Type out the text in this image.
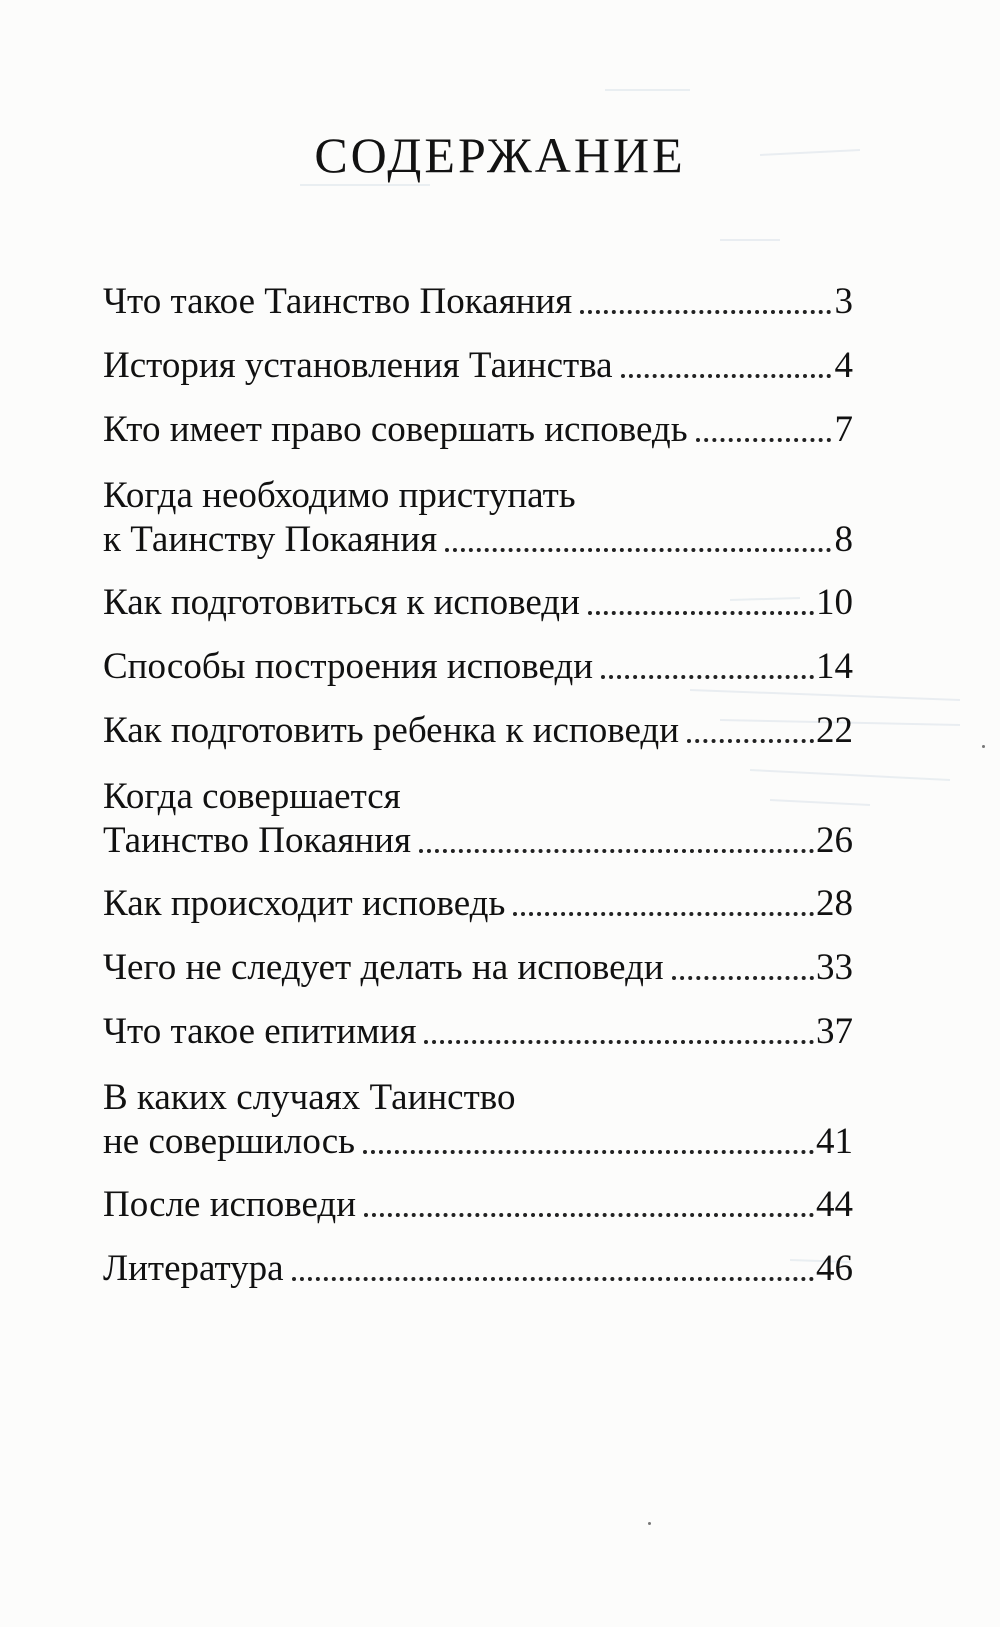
СОДЕРЖАНИЕ
Что такое Таинство Покаяния	3
История установления Таинства	4
Кто имеет право совершать исповедь	7
Когда необходимо приступать
к Таинству Покаяния	8
Как подготовиться к исповеди	10
Способы построения исповеди	14
Как подготовить ребенка к исповеди	22
Когда совершается
Таинство Покаяния	26
Как происходит исповедь	28
Чего не следует делать на исповеди	33
Что такое епитимия	37
В каких случаях Таинство
не совершилось	41
После исповеди	44
Литература	46
